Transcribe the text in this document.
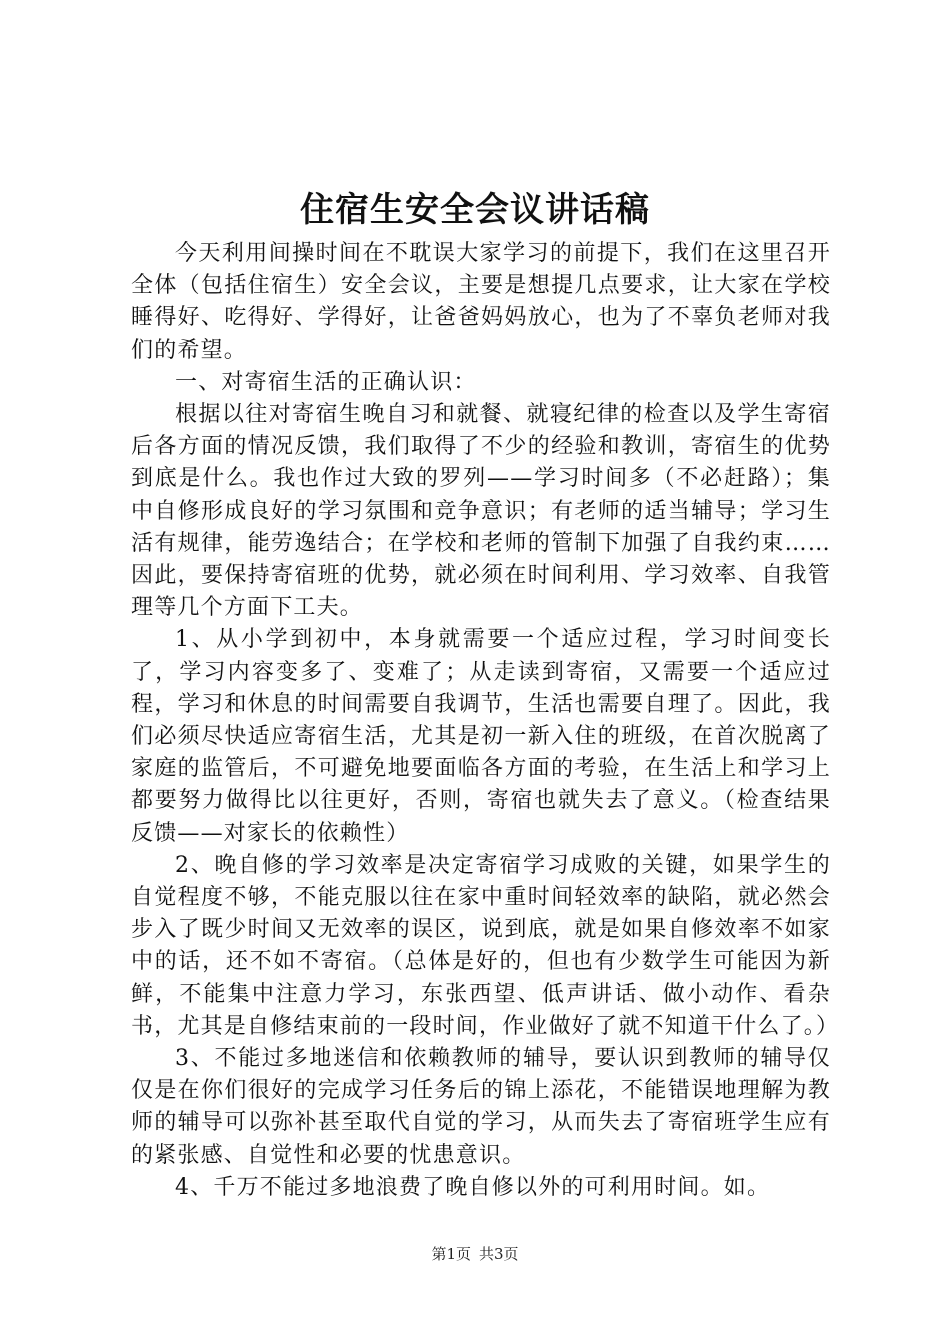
住宿生安全会议讲话稿

今天利用间操时间在不耽误大家学习的前提下，我们在这里召开全体（包括住宿生）安全会议，主要是想提几点要求，让大家在学校睡得好、吃得好、学得好，让爸爸妈妈放心，也为了不辜负老师对我们的希望。

一、对寄宿生活的正确认识：

根据以往对寄宿生晚自习和就餐、就寝纪律的检查以及学生寄宿后各方面的情况反馈，我们取得了不少的经验和教训，寄宿生的优势到底是什么。我也作过大致的罗列——学习时间多（不必赶路）；集中自修形成良好的学习氛围和竞争意识；有老师的适当辅导；学习生活有规律，能劳逸结合；在学校和老师的管制下加强了自我约束……因此，要保持寄宿班的优势，就必须在时间利用、学习效率、自我管理等几个方面下工夫。

1、从小学到初中，本身就需要一个适应过程，学习时间变长了，学习内容变多了、变难了；从走读到寄宿，又需要一个适应过程，学习和休息的时间需要自我调节，生活也需要自理了。因此，我们必须尽快适应寄宿生活，尤其是初一新入住的班级，在首次脱离了家庭的监管后，不可避免地要面临各方面的考验，在生活上和学习上都要努力做得比以往更好，否则，寄宿也就失去了意义。（检查结果反馈——对家长的依赖性）

2、晚自修的学习效率是决定寄宿学习成败的关键，如果学生的自觉程度不够，不能克服以往在家中重时间轻效率的缺陷，就必然会步入了既少时间又无效率的误区，说到底，就是如果自修效率不如家中的话，还不如不寄宿。（总体是好的，但也有少数学生可能因为新鲜，不能集中注意力学习，东张西望、低声讲话、做小动作、看杂书，尤其是自修结束前的一段时间，作业做好了就不知道干什么了。）

3、不能过多地迷信和依赖教师的辅导，要认识到教师的辅导仅仅是在你们很好的完成学习任务后的锦上添花，不能错误地理解为教师的辅导可以弥补甚至取代自觉的学习，从而失去了寄宿班学生应有的紧张感、自觉性和必要的忧患意识。

4、千万不能过多地浪费了晚自修以外的可利用时间。如。

第1页 共3页
